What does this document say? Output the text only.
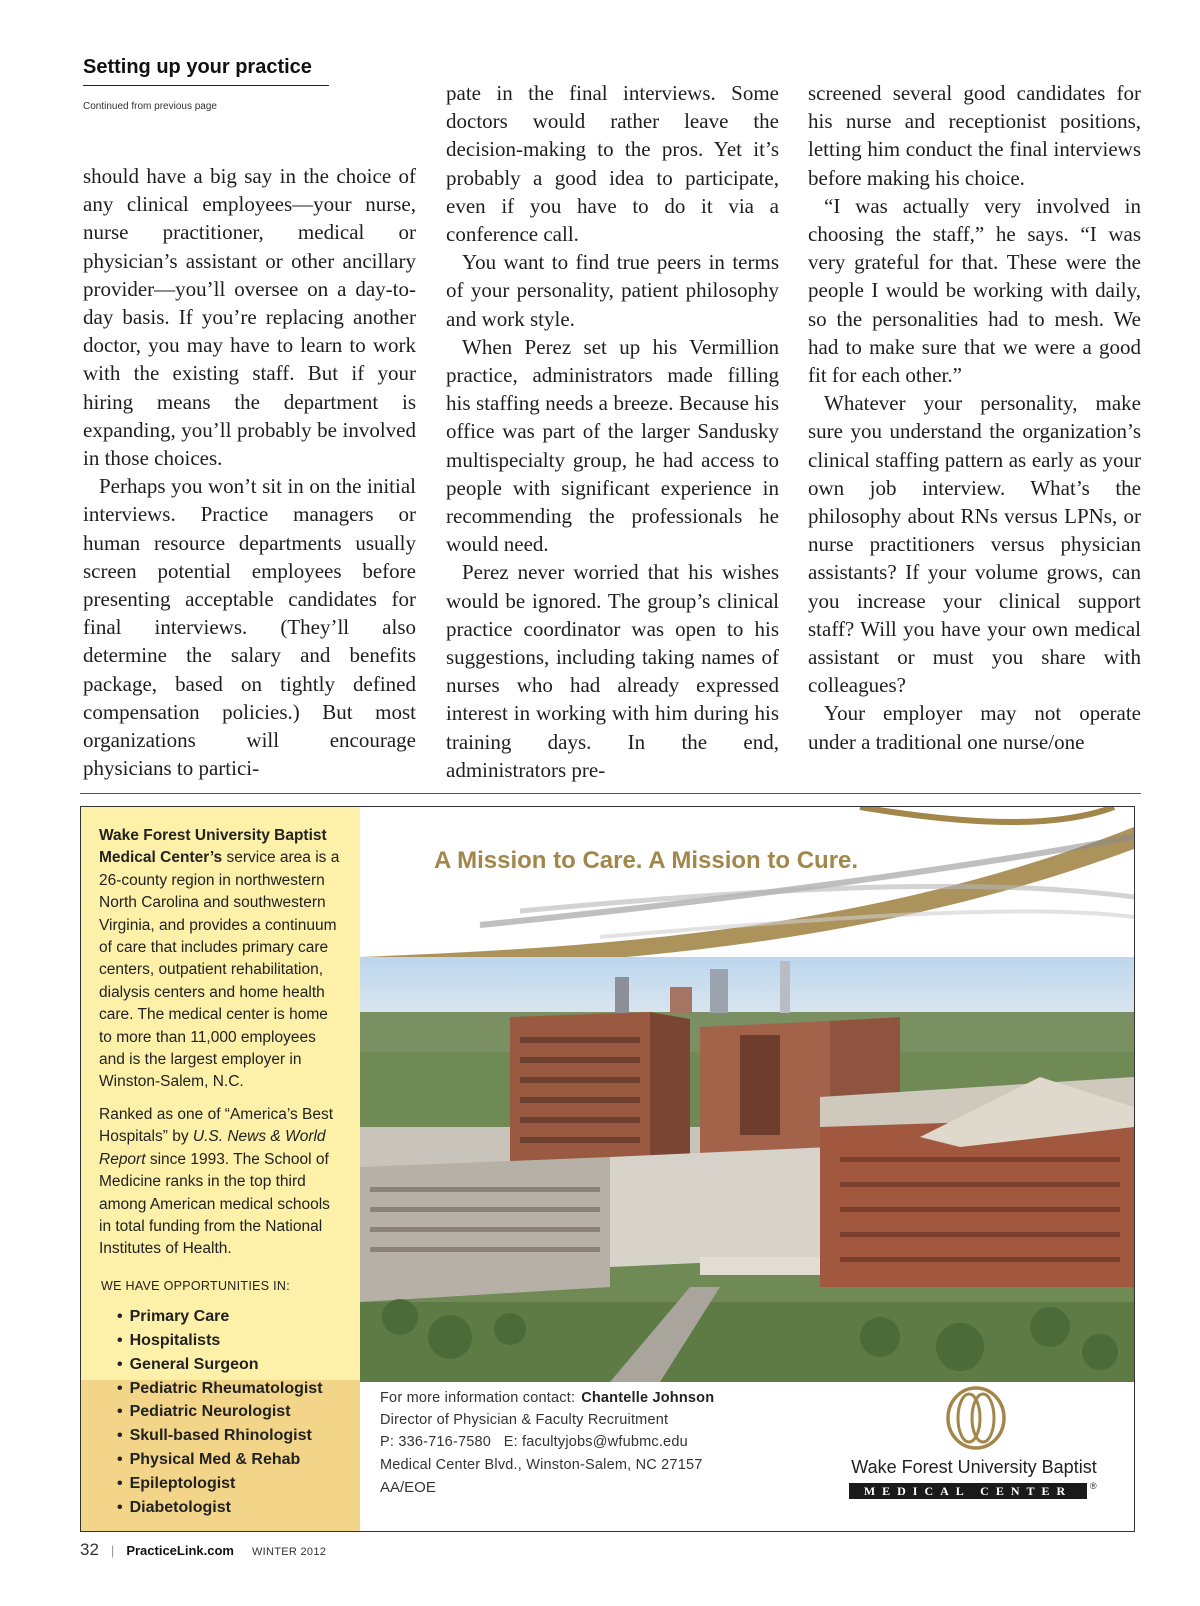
Setting up your practice
Continued from previous page

should have a big say in the choice of any clinical employees—your nurse, nurse practitioner, medical or physician’s assistant or other ancillary provider—you’ll oversee on a day-to-day basis. If you’re replacing another doctor, you may have to learn to work with the existing staff. But if your hiring means the department is expanding, you’ll probably be involved in those choices.

Perhaps you won’t sit in on the initial interviews. Practice managers or human resource departments usually screen potential employees before presenting acceptable candidates for final interviews. (They’ll also determine the salary and benefits package, based on tightly defined compensation policies.) But most organizations will encourage physicians to partici-

pate in the final interviews. Some doctors would rather leave the decision-making to the pros. Yet it’s probably a good idea to participate, even if you have to do it via a conference call.

You want to find true peers in terms of your personality, patient philosophy and work style.

When Perez set up his Vermillion practice, administrators made filling his staffing needs a breeze. Because his office was part of the larger Sandusky multispecialty group, he had access to people with significant experience in recommending the professionals he would need.

Perez never worried that his wishes would be ignored. The group’s clinical practice coordinator was open to his suggestions, including taking names of nurses who had already expressed interest in working with him during his training days. In the end, administrators pre-

screened several good candidates for his nurse and receptionist positions, letting him conduct the final interviews before making his choice.

“I was actually very involved in choosing the staff,” he says. “I was very grateful for that. These were the people I would be working with daily, so the personalities had to mesh. We had to make sure that we were a good fit for each other.”

Whatever your personality, make sure you understand the organization’s clinical staffing pattern as early as your own job interview. What’s the philosophy about RNs versus LPNs, or nurse practitioners versus physician assistants? If your volume grows, can you increase your clinical support staff? Will you have your own medical assistant or must you share with colleagues?

Your employer may not operate under a traditional one nurse/one

Wake Forest University Baptist Medical Center’s service area is a 26-county region in northwestern North Carolina and southwestern Virginia, and provides a continuum of care that includes primary care centers, outpatient rehabilitation, dialysis centers and home health care. The medical center is home to more than 11,000 employees and is the largest employer in Winston-Salem, N.C.

Ranked as one of “America’s Best Hospitals” by U.S. News & World Report since 1993. The School of Medicine ranks in the top third among American medical schools in total funding from the National Institutes of Health.

WE HAVE OPPORTUNITIES IN:
• Primary Care
• Hospitalists
• General Surgeon
• Pediatric Rheumatologist
• Pediatric Neurologist
• Skull-based Rhinologist
• Physical Med & Rehab
• Epileptologist
• Diabetologist
A Mission to Care. A Mission to Cure.
For more information contact: Chantelle Johnson
Director of Physician & Faculty Recruitment
P: 336-716-7580   E: facultyjobs@wfubmc.edu
Medical Center Blvd., Winston-Salem, NC 27157
AA/EOE
Wake Forest University Baptist
MEDICAL CENTER	®
32 | PracticeLink.com WINTER 2012
